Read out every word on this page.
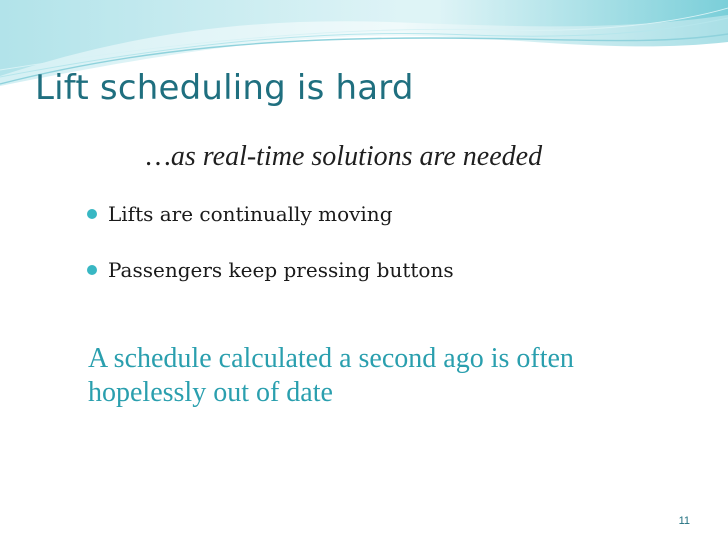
Lift scheduling is hard
…as real-time solutions are needed
Lifts are continually moving
Passengers keep pressing buttons
A schedule calculated a second ago is often hopelessly out of date
11
